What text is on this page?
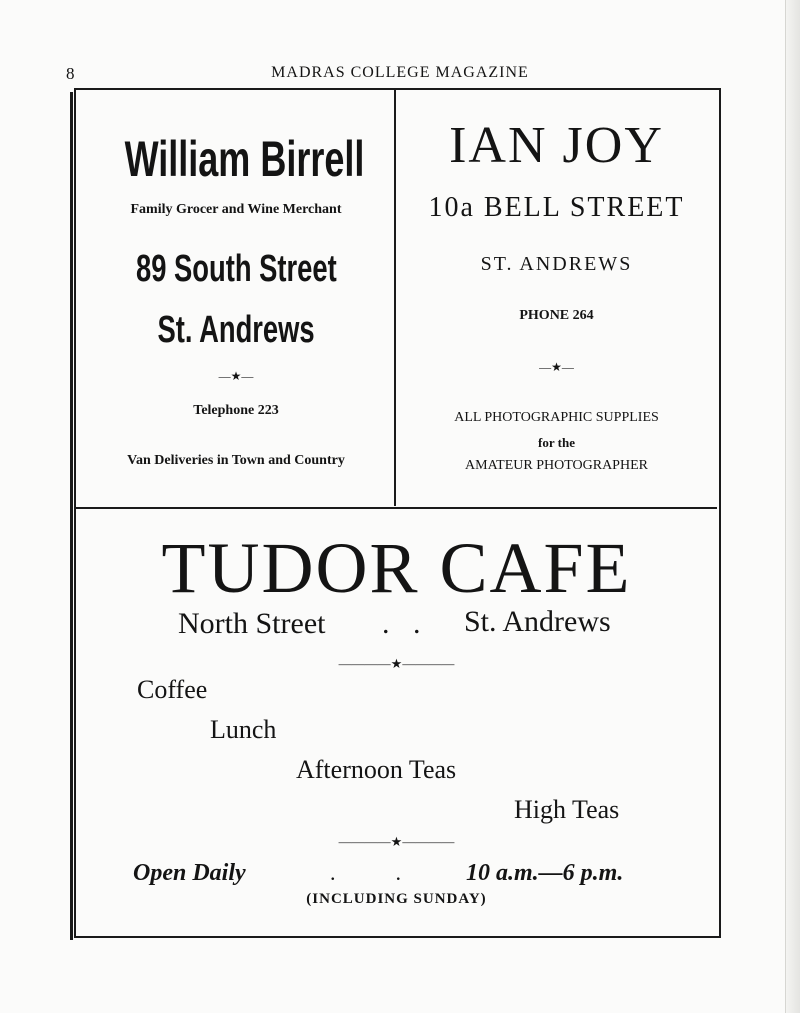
8	MADRAS COLLEGE MAGAZINE
William Birrell
Family Grocer and Wine Merchant
89 South Street
St. Andrews
—★—
Telephone 223
Van Deliveries in Town and Country
IAN JOY
10a BELL STREET
ST. ANDREWS
PHONE 264
—★—
ALL PHOTOGRAPHIC SUPPLIES
for the
AMATEUR PHOTOGRAPHER
TUDOR CAFE
North Street . . St. Andrews
————★————
Coffee
Lunch
Afternoon Teas
High Teas
————★————
Open Daily	.. 10 a.m.—6 p.m.
(INCLUDING SUNDAY)
